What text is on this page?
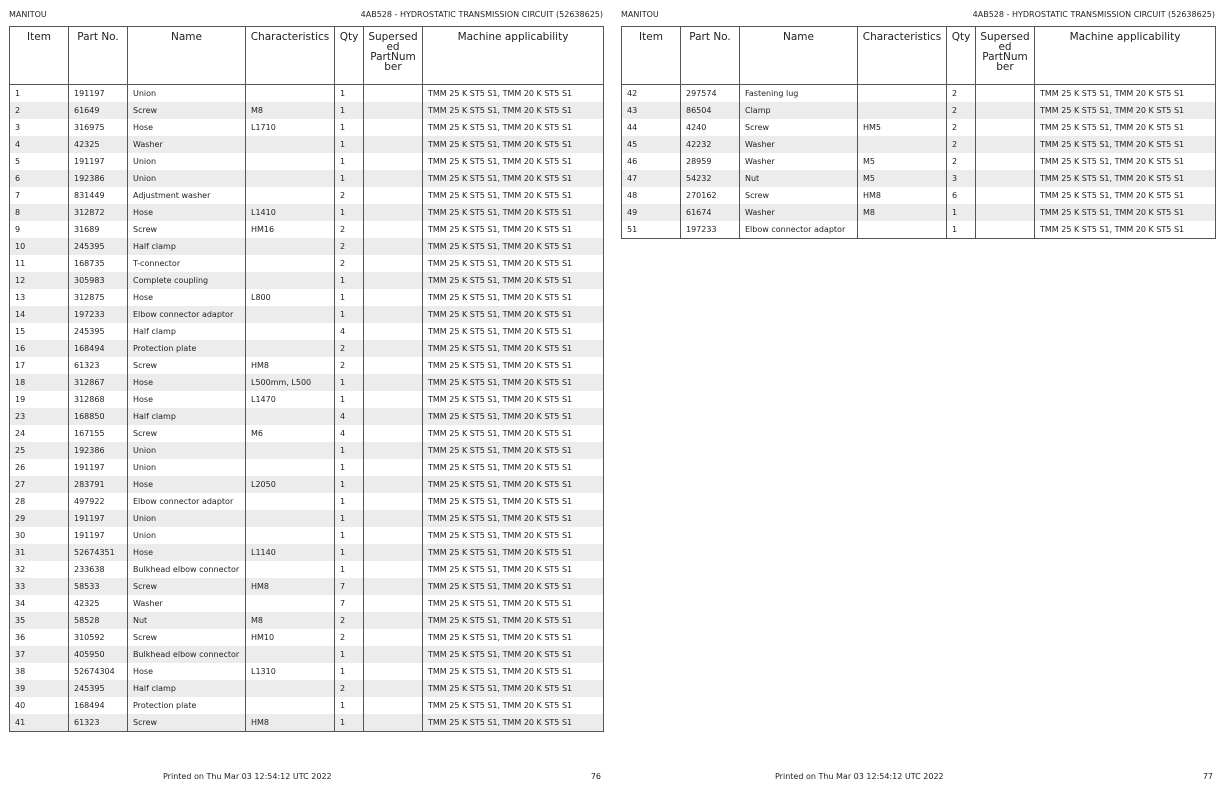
MANITOU	4AB528 - HYDROSTATIC TRANSMISSION CIRCUIT (52638625)
Item	Part No.	Name	Characteristics	Qty	Supersed
ed
PartNum
ber	Machine applicability
1	191197	Union		1		TMM 25 K ST5 S1, TMM 20 K ST5 S1
2	61649	Screw	M8	1		TMM 25 K ST5 S1, TMM 20 K ST5 S1
3	316975	Hose	L1710	1		TMM 25 K ST5 S1, TMM 20 K ST5 S1
4	42325	Washer		1		TMM 25 K ST5 S1, TMM 20 K ST5 S1
5	191197	Union		1		TMM 25 K ST5 S1, TMM 20 K ST5 S1
6	192386	Union		1		TMM 25 K ST5 S1, TMM 20 K ST5 S1
7	831449	Adjustment washer		2		TMM 25 K ST5 S1, TMM 20 K ST5 S1
8	312872	Hose	L1410	1		TMM 25 K ST5 S1, TMM 20 K ST5 S1
9	31689	Screw	HM16	2		TMM 25 K ST5 S1, TMM 20 K ST5 S1
10	245395	Half clamp		2		TMM 25 K ST5 S1, TMM 20 K ST5 S1
11	168735	T-connector		2		TMM 25 K ST5 S1, TMM 20 K ST5 S1
12	305983	Complete coupling		1		TMM 25 K ST5 S1, TMM 20 K ST5 S1
13	312875	Hose	L800	1		TMM 25 K ST5 S1, TMM 20 K ST5 S1
14	197233	Elbow connector adaptor		1		TMM 25 K ST5 S1, TMM 20 K ST5 S1
15	245395	Half clamp		4		TMM 25 K ST5 S1, TMM 20 K ST5 S1
16	168494	Protection plate		2		TMM 25 K ST5 S1, TMM 20 K ST5 S1
17	61323	Screw	HM8	2		TMM 25 K ST5 S1, TMM 20 K ST5 S1
18	312867	Hose	L500mm, L500	1		TMM 25 K ST5 S1, TMM 20 K ST5 S1
19	312868	Hose	L1470	1		TMM 25 K ST5 S1, TMM 20 K ST5 S1
23	168850	Half clamp		4		TMM 25 K ST5 S1, TMM 20 K ST5 S1
24	167155	Screw	M6	4		TMM 25 K ST5 S1, TMM 20 K ST5 S1
25	192386	Union		1		TMM 25 K ST5 S1, TMM 20 K ST5 S1
26	191197	Union		1		TMM 25 K ST5 S1, TMM 20 K ST5 S1
27	283791	Hose	L2050	1		TMM 25 K ST5 S1, TMM 20 K ST5 S1
28	497922	Elbow connector adaptor		1		TMM 25 K ST5 S1, TMM 20 K ST5 S1
29	191197	Union		1		TMM 25 K ST5 S1, TMM 20 K ST5 S1
30	191197	Union		1		TMM 25 K ST5 S1, TMM 20 K ST5 S1
31	52674351	Hose	L1140	1		TMM 25 K ST5 S1, TMM 20 K ST5 S1
32	233638	Bulkhead elbow connector		1		TMM 25 K ST5 S1, TMM 20 K ST5 S1
33	58533	Screw	HM8	7		TMM 25 K ST5 S1, TMM 20 K ST5 S1
34	42325	Washer		7		TMM 25 K ST5 S1, TMM 20 K ST5 S1
35	58528	Nut	M8	2		TMM 25 K ST5 S1, TMM 20 K ST5 S1
36	310592	Screw	HM10	2		TMM 25 K ST5 S1, TMM 20 K ST5 S1
37	405950	Bulkhead elbow connector		1		TMM 25 K ST5 S1, TMM 20 K ST5 S1
38	52674304	Hose	L1310	1		TMM 25 K ST5 S1, TMM 20 K ST5 S1
39	245395	Half clamp		2		TMM 25 K ST5 S1, TMM 20 K ST5 S1
40	168494	Protection plate		1		TMM 25 K ST5 S1, TMM 20 K ST5 S1
41	61323	Screw	HM8	1		TMM 25 K ST5 S1, TMM 20 K ST5 S1
Printed on Thu Mar 03 12:54:12 UTC 2022	76
MANITOU	4AB528 - HYDROSTATIC TRANSMISSION CIRCUIT (52638625)
Item	Part No.	Name	Characteristics	Qty	Supersed
ed
PartNum
ber	Machine applicability
42	297574	Fastening lug		2		TMM 25 K ST5 S1, TMM 20 K ST5 S1
43	86504	Clamp		2		TMM 25 K ST5 S1, TMM 20 K ST5 S1
44	4240	Screw	HM5	2		TMM 25 K ST5 S1, TMM 20 K ST5 S1
45	42232	Washer		2		TMM 25 K ST5 S1, TMM 20 K ST5 S1
46	28959	Washer	M5	2		TMM 25 K ST5 S1, TMM 20 K ST5 S1
47	54232	Nut	M5	3		TMM 25 K ST5 S1, TMM 20 K ST5 S1
48	270162	Screw	HM8	6		TMM 25 K ST5 S1, TMM 20 K ST5 S1
49	61674	Washer	M8	1		TMM 25 K ST5 S1, TMM 20 K ST5 S1
51	197233	Elbow connector adaptor		1		TMM 25 K ST5 S1, TMM 20 K ST5 S1
Printed on Thu Mar 03 12:54:12 UTC 2022	77
